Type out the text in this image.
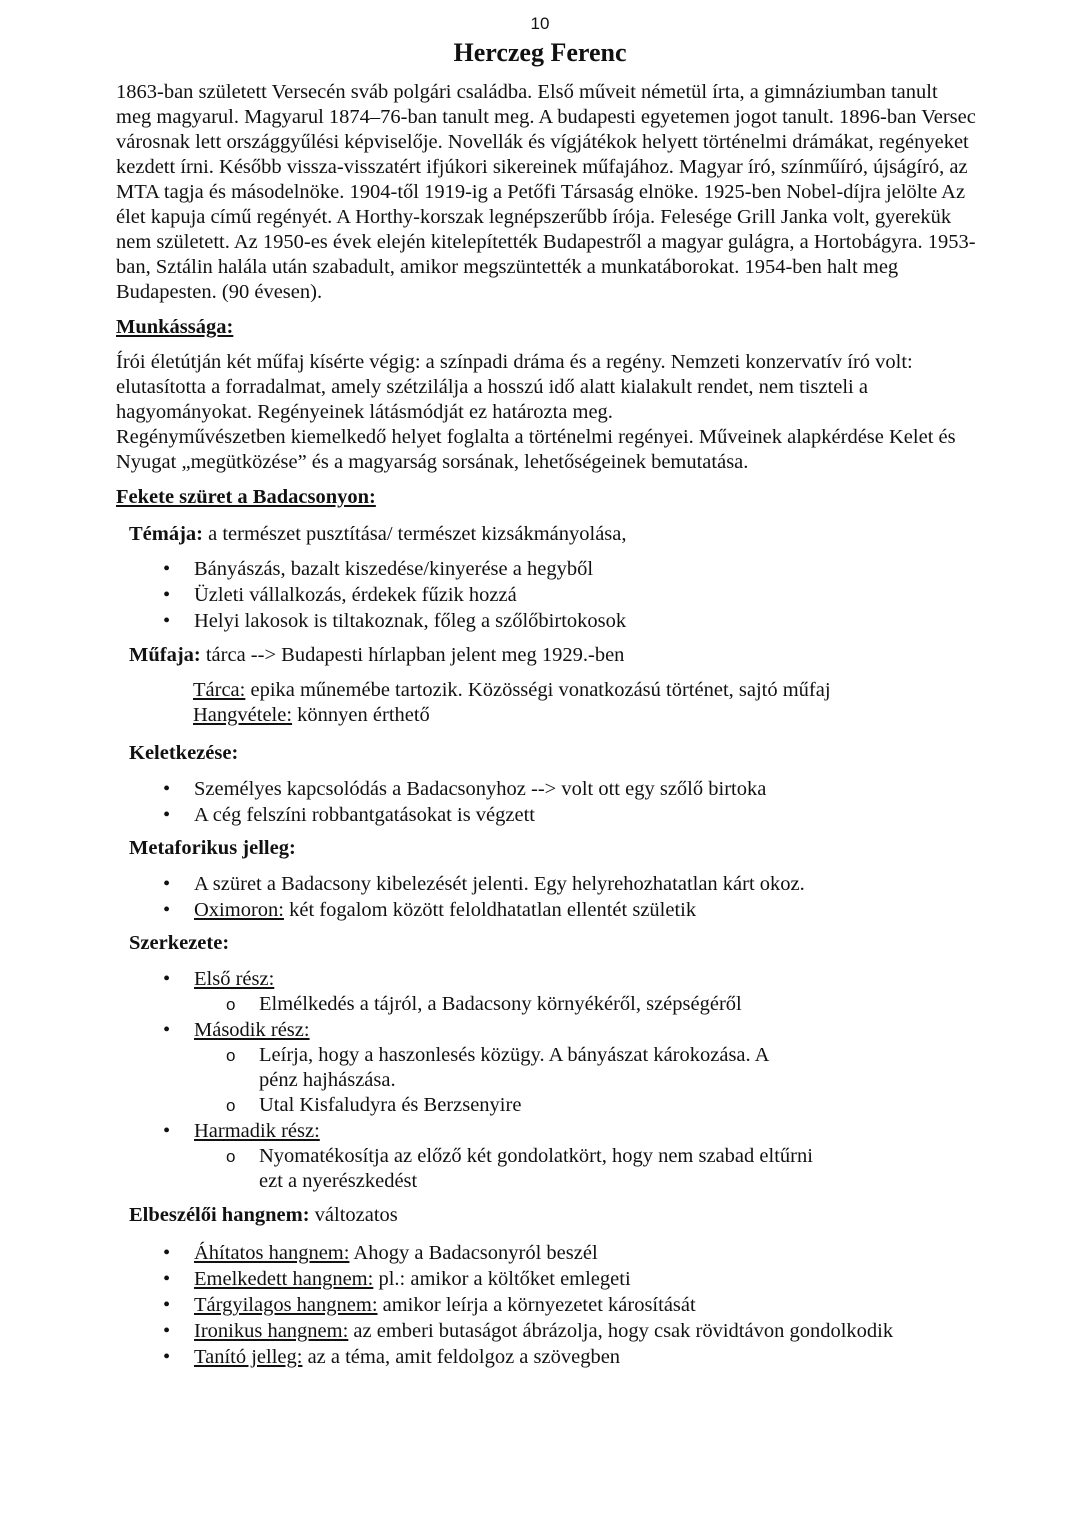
10
Herczeg Ferenc

1863-ban született Versecén sváb polgári családba. Első műveit németül írta, a gimnáziumban tanult meg magyarul. Magyarul 1874–76-ban tanult meg. A budapesti egyetemen jogot tanult. 1896-ban Versec városnak lett országgyűlési képviselője. Novellák és vígjátékok helyett történelmi drámákat, regényeket kezdett írni. Később vissza-visszatért ifjúkori sikereinek műfajához. Magyar író, színműíró, újságíró, az MTA tagja és másodelnöke. 1904-től 1919-ig a Petőfi Társaság elnöke. 1925-ben Nobel-díjra jelölte Az élet kapuja című regényét. A Horthy-korszak legnépszerűbb írója. Felesége Grill Janka volt, gyerekük nem született. Az 1950-es évek elején kitelepítették Budapestről a magyar gulágra, a Hortobágyra. 1953-ban, Sztálin halála után szabadult, amikor megszüntették a munkatáborokat. 1954-ben halt meg Budapesten. (90 évesen).

Munkássága:

Írói életútján két műfaj kísérte végig: a színpadi dráma és a regény. Nemzeti konzervatív író volt: elutasította a forradalmat, amely szétzilálja a hosszú idő alatt kialakult rendet, nem tiszteli a hagyományokat. Regényeinek látásmódját ez határozta meg.

Regényművészetben kiemelkedő helyet foglalta a történelmi regényei. Műveinek alapkérdése Kelet és Nyugat „megütközése” és a magyarság sorsának, lehetőségeinek bemutatása.

Fekete szüret a Badacsonyon:

Témája: a természet pusztítása/ természet kizsákmányolása,
• Bányászás, bazalt kiszedése/kinyerése a hegyből
• Üzleti vállalkozás, érdekek fűzik hozzá
• Helyi lakosok is tiltakoznak, főleg a szőlőbirtokosok
Műfaja: tárca --> Budapesti hírlapban jelent meg 1929.-ben
Tárca: epika műnemébe tartozik. Közösségi vonatkozású történet, sajtó műfaj
Hangvétele: könnyen érthető
Keletkezése:
• Személyes kapcsolódás a Badacsonyhoz --> volt ott egy szőlő birtoka
• A cég felszíni robbantgatásokat is végzett
Metaforikus jelleg:
• A szüret a Badacsony kibelezését jelenti. Egy helyrehozhatatlan kárt okoz.
• Oximoron: két fogalom között feloldhatatlan ellentét születik
Szerkezete:
• Első rész:
o Elmélkedés a tájról, a Badacsony környékéről, szépségéről
• Második rész:
o Leírja, hogy a haszonlesés közügy. A bányászat károkozása. A pénz hajhászása.
o Utal Kisfaludyra és Berzsenyire
• Harmadik rész:
o Nyomatékosítja az előző két gondolatkört, hogy nem szabad eltűrni ezt a nyerészkedést
Elbeszélői hangnem: változatos
• Áhítatos hangnem: Ahogy a Badacsonyról beszél
• Emelkedett hangnem: pl.: amikor a költőket emlegeti
• Tárgyilagos hangnem: amikor leírja a környezetet károsítását
• Ironikus hangnem: az emberi butaságot ábrázolja, hogy csak rövidtávon gondolkodik
• Tanító jelleg: az a téma, amit feldolgoz a szövegben
